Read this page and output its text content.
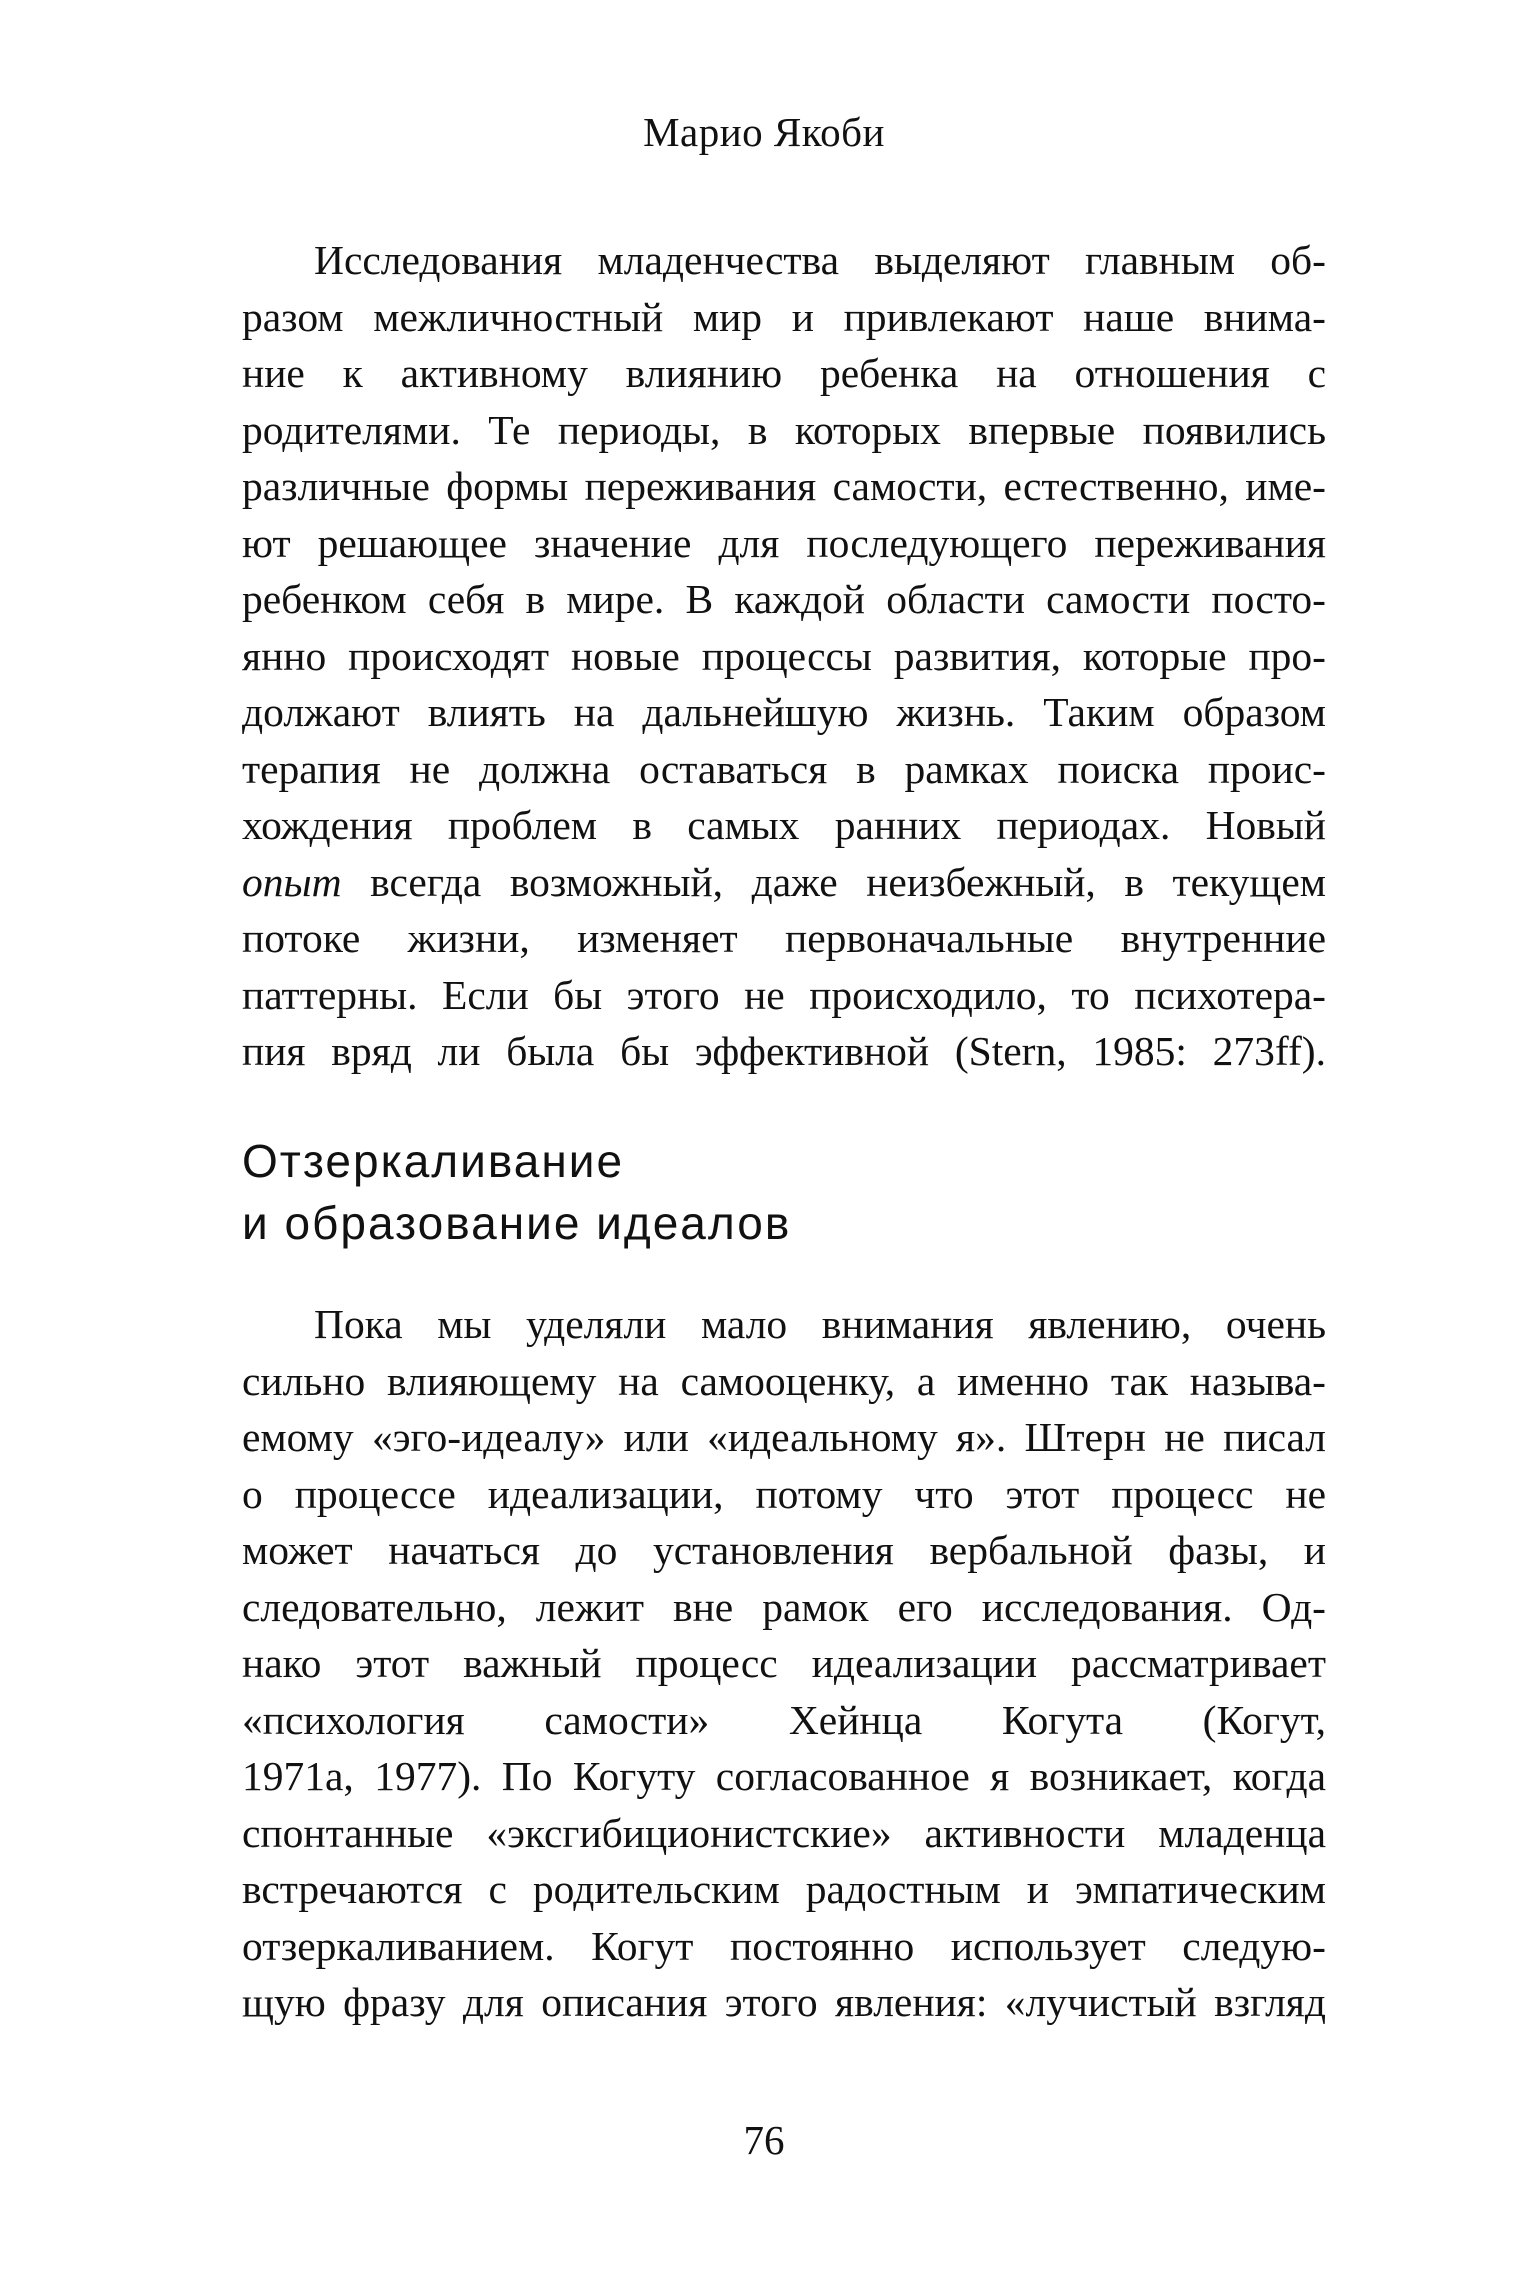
Марио Якоби
Исследования младенчества выделяют главным об-
разом межличностный мир и привлекают наше внима-
ние к активному влиянию ребенка на отношения с
родителями. Те периоды, в которых впервые появились
различные формы переживания самости, естественно, име-
ют решающее значение для последующего переживания
ребенком себя в мире. В каждой области самости посто-
янно происходят новые процессы развития, которые про-
должают влиять на дальнейшую жизнь. Таким образом
терапия не должна оставаться в рамках поиска проис-
хождения проблем в самых ранних периодах. Новый
опыт всегда возможный, даже неизбежный, в текущем
потоке жизни, изменяет первоначальные внутренние
паттерны. Если бы этого не происходило, то психотера-
пия вряд ли была бы эффективной (Stern, 1985: 273ff).
Отзеркаливание
и образование идеалов
Пока мы уделяли мало внимания явлению, очень
сильно влияющему на самооценку, а именно так называ-
емому «эго-идеалу» или «идеальному я». Штерн не писал
о процессе идеализации, потому что этот процесс не
может начаться до установления вербальной фазы, и
следовательно, лежит вне рамок его исследования. Од-
нако этот важный процесс идеализации рассматривает
«психология самости» Хейнца Когута (Когут,
1971а, 1977). По Когуту согласованное я возникает, когда
спонтанные «эксгибиционистские» активности младенца
встречаются с родительским радостным и эмпатическим
отзеркаливанием. Когут постоянно использует следую-
щую фразу для описания этого явления: «лучистый взгляд
76
